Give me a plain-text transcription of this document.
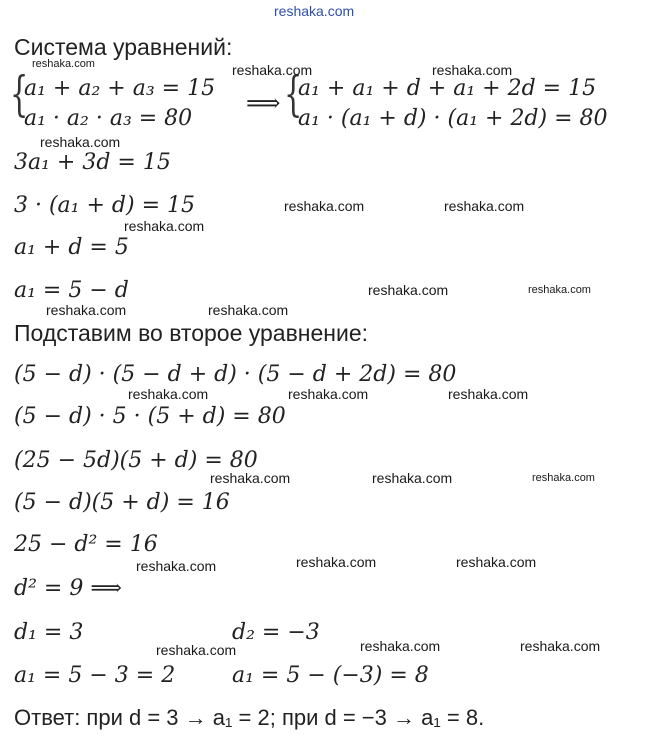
reshaka.com
Система уравнений:
reshaka.com
{
a₁ + a₂ + a₃ = 15
a₁ · a₂ · a₃ = 80
⟹ {
a₁ + a₁ + d + a₁ + 2d = 15
a₁ · (a₁ + d) · (a₁ + 2d) = 80
reshaka.com	reshaka.com
reshaka.com
3a₁ + 3d = 15
3 · (a₁ + d) = 15	reshaka.com	reshaka.com
reshaka.com
a₁ + d = 5
a₁ = 5 − d	reshaka.com	reshaka.com
reshaka.com	reshaka.com
Подставим во второе уравнение:
(5 − d) · (5 − d + d) · (5 − d + 2d) = 80
reshaka.com	reshaka.com	reshaka.com
(5 − d) · 5 · (5 + d) = 80
(25 − 5d)(5 + d) = 80
reshaka.com	reshaka.com	reshaka.com
(5 − d)(5 + d) = 16
25 − d² = 16
reshaka.com	reshaka.com	reshaka.com
d² = 9 ⟹
d₁ = 3	d₂ = −3
reshaka.com	reshaka.com
reshaka.com
a₁ = 5 − 3 = 2	a₁ = 5 − (−3) = 8
Ответ: при d = 3 → a₁ = 2; при d = −3 → a₁ = 8.
